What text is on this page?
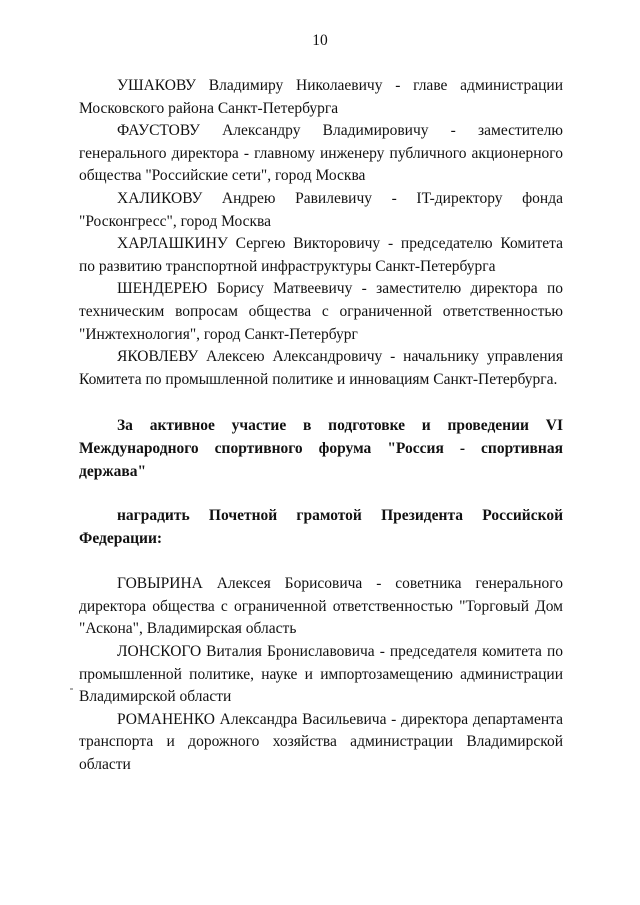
10

УШАКОВУ Владимиру Николаевичу - главе администрации Московского района Санкт-Петербурга

ФАУСТОВУ Александру Владимировичу - заместителю генерального директора - главному инженеру публичного акционерного общества "Российские сети", город Москва

ХАЛИКОВУ Андрею Равилевичу - IT-директору фонда "Росконгресс", город Москва

ХАРЛАШКИНУ Сергею Викторовичу - председателю Комитета по развитию транспортной инфраструктуры Санкт-Петербурга

ШЕНДЕРЕЮ Борису Матвеевичу - заместителю директора по техническим вопросам общества с ограниченной ответственностью "Инжтехнология", город Санкт-Петербург

ЯКОВЛЕВУ Алексею Александровичу - начальнику управления Комитета по промышленной политике и инновациям Санкт-Петербурга.

За активное участие в подготовке и проведении VI Международного спортивного форума "Россия - спортивная держава"

наградить Почетной грамотой Президента Российской Федерации:

ГОВЫРИНА Алексея Борисовича - советника генерального директора общества с ограниченной ответственностью "Торговый Дом "Аскона", Владимирская область

ЛОНСКОГО Виталия Брониславовича - председателя комитета по промышленной политике, науке и импортозамещению администрации Владимирской области

РОМАНЕНКО Александра Васильевича - директора департамента транспорта и дорожного хозяйства администрации Владимирской области
